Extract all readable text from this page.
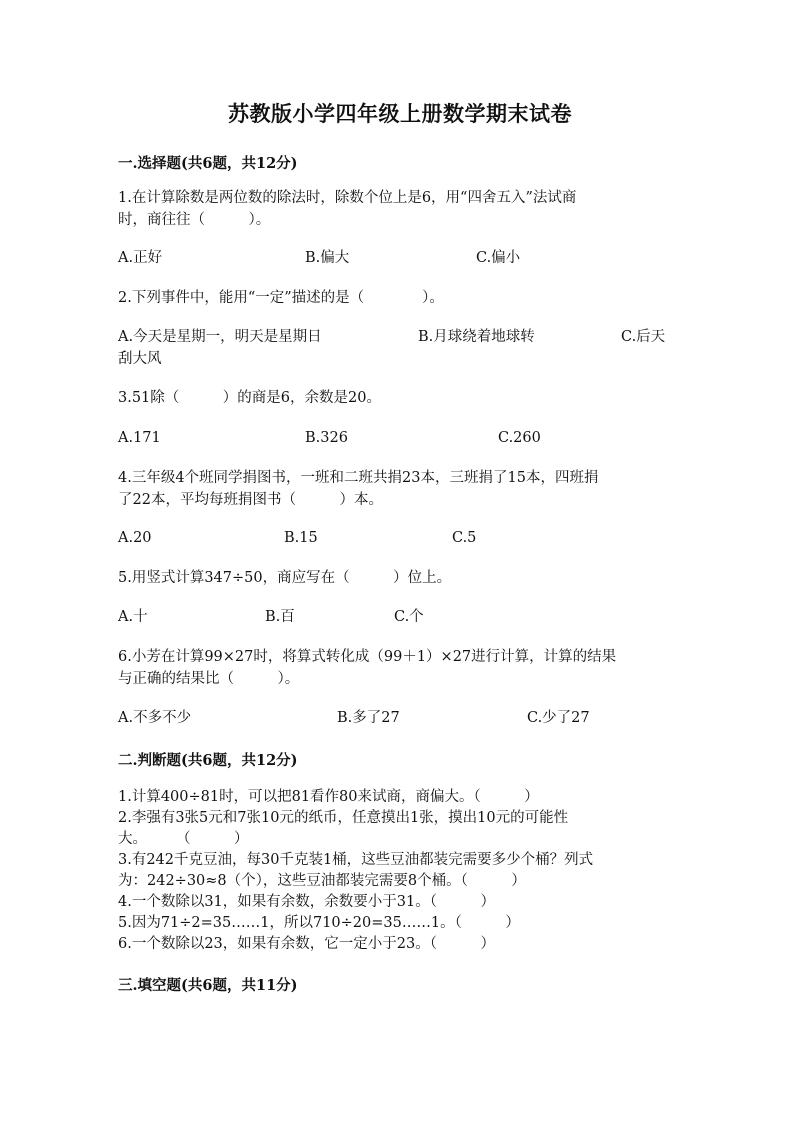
苏教版小学四年级上册数学期末试卷
一.选择题(共6题，共12分)
1.在计算除数是两位数的除法时，除数个位上是6，用“四舍五入”法试商
时，商往往（　　　）。
A.正好	B.偏大	C.偏小
2.下列事件中，能用“一定”描述的是（　　　　）。
A.今天是星期一，明天是星期日	B.月球绕着地球转	C.后天
刮大风
3.51除（　　　）的商是6，余数是20。
A.171	B.326	C.260
4.三年级4个班同学捐图书，一班和二班共捐23本，三班捐了15本，四班捐
了22本，平均每班捐图书（　　　）本。
A.20	B.15	C.5
5.用竖式计算347÷50，商应写在（　　　）位上。
A.十	B.百	C.个
6.小芳在计算99×27时，将算式转化成（99＋1）×27进行计算，计算的结果
与正确的结果比（　　　）。
A.不多不少	B.多了27	C.少了27
二.判断题(共6题，共12分)
1.计算400÷81时，可以把81看作80来试商，商偏大。（　　　）
2.李强有3张5元和7张10元的纸币，任意摸出1张，摸出10元的可能性
大。　　　（　　　）
3.有242千克豆油，每30千克装1桶，这些豆油都装完需要多少个桶？列式
为：242÷30≈8（个），这些豆油都装完需要8个桶。（　　　）
4.一个数除以31，如果有余数，余数要小于31。（　　　）
5.因为71÷2=35……1，所以710÷20=35……1。（　　　）
6.一个数除以23，如果有余数，它一定小于23。（　　　）
三.填空题(共6题，共11分)
